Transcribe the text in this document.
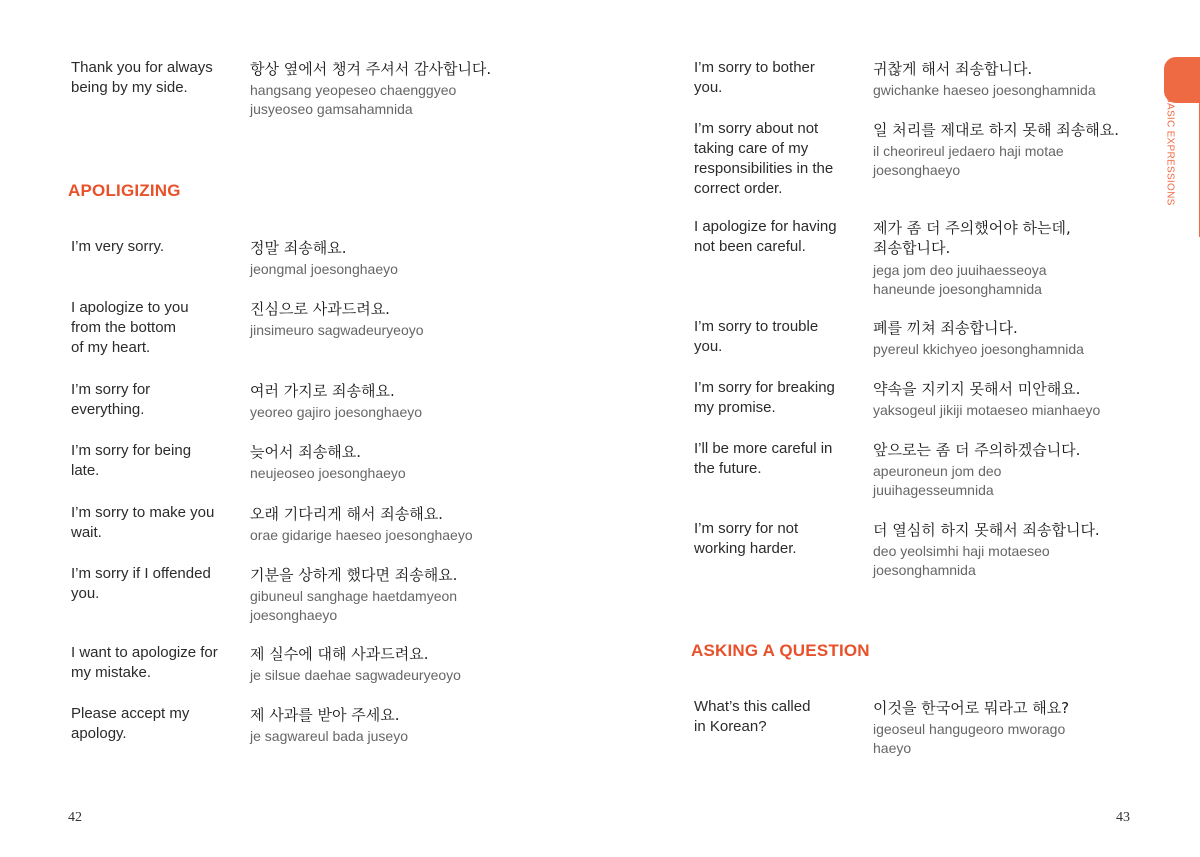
Thank you for always
being by my side.
항상 옆에서 챙겨 주셔서 감사합니다.
hangsang yeopeseo chaenggyeo
jusyeoseo gamsahamnida
APOLIGIZING
I’m very sorry.	정말 죄송해요.
jeongmal joesonghaeyo
I apologize to you
from the bottom
of my heart.
진심으로 사과드려요.
jinsimeuro sagwadeuryeoyo
I’m sorry for
everything.
여러 가지로 죄송해요.
yeoreo gajiro joesonghaeyo
I’m sorry for being
late.
늦어서 죄송해요.
neujeoseo joesonghaeyo
I’m sorry to make you
wait.
오래 기다리게 해서 죄송해요.
orae gidarige haeseo joesonghaeyo
I’m sorry if I offended
you.
기분을 상하게 했다면 죄송해요.
gibuneul sanghage haetdamyeon
joesonghaeyo
I want to apologize for
my mistake.
제 실수에 대해 사과드려요.
je silsue daehae sagwadeuryeoyo
Please accept my
apology.
제 사과를 받아 주세요.
je sagwareul bada juseyo
42
I’m sorry to bother
you.
귀찮게 해서 죄송합니다.
gwichanke haeseo joesonghamnida
I’m sorry about not
taking care of my
responsibilities in the
correct order.
일 처리를 제대로 하지 못해 죄송해요.
il cheorireul jedaero haji motae
joesonghaeyo
I apologize for having
not been careful.
제가 좀 더 주의했어야 하는데,
죄송합니다.
jega jom deo juuihaesseoya
haneunde joesonghamnida
I’m sorry to trouble
you.
폐를 끼쳐 죄송합니다.
pyereul kkichyeo joesonghamnida
I’m sorry for breaking
my promise.
약속을 지키지 못해서 미안해요.
yaksogeul jikiji motaeseo mianhaeyo
I’ll be more careful in
the future.
앞으로는 좀 더 주의하겠습니다.
apeuroneun jom deo
juuihagesseumnida
I’m sorry for not
working harder.
더 열심히 하지 못해서 죄송합니다.
deo yeolsimhi haji motaeseo
joesonghamnida
ASKING A QUESTION
What’s this called
in Korean?
이것을 한국어로 뭐라고 해요?
igeoseul hangugeoro mworago
haeyo
43
BASIC EXPRESSIONS
